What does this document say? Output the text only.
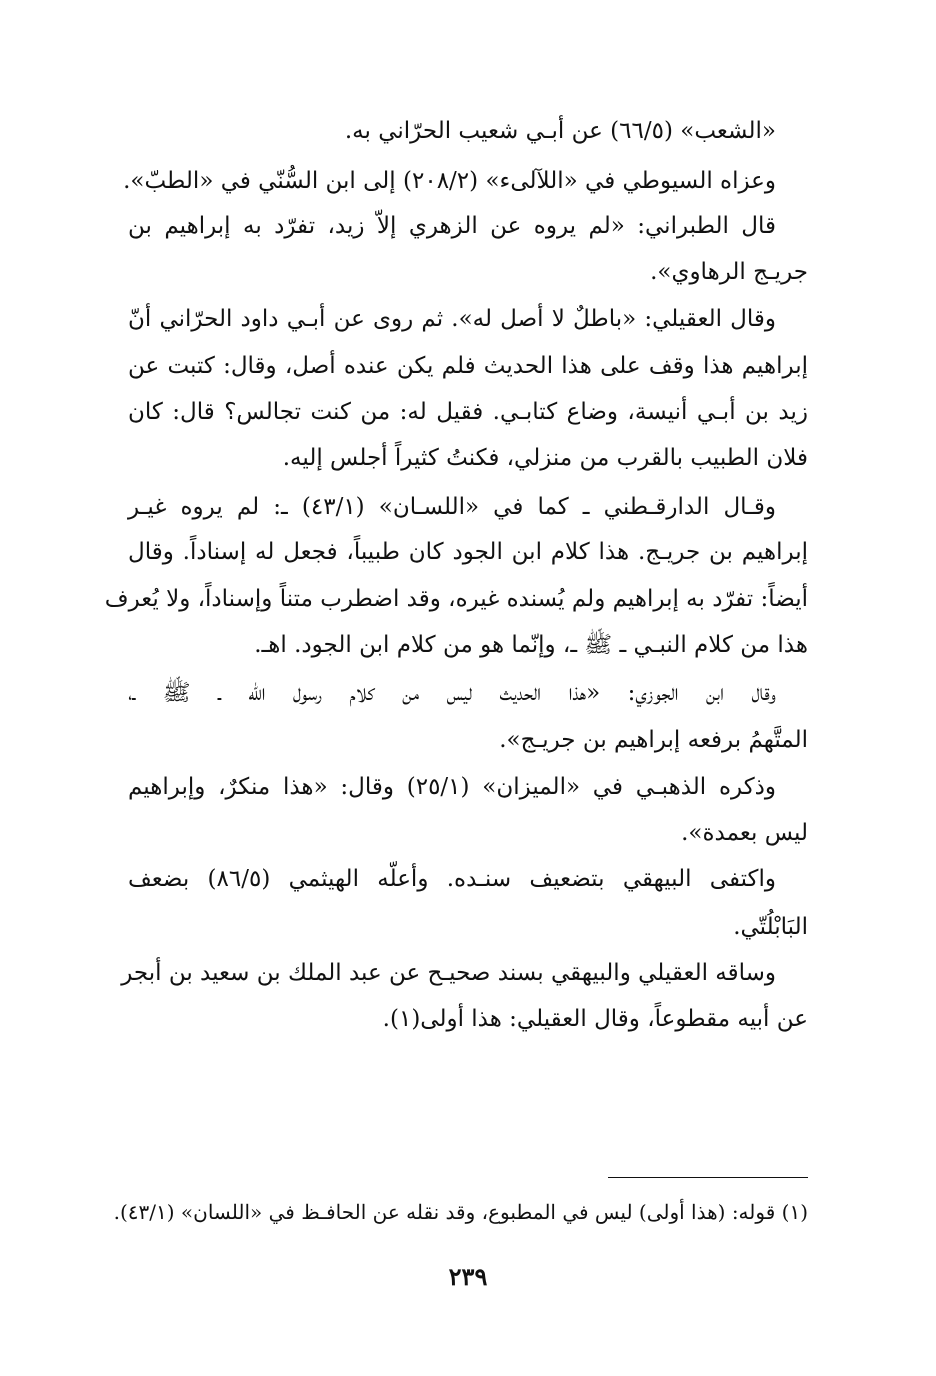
«الشعب» (٦٦/٥) عن أبـي شعيب الحرّاني به.
وعزاه السيوطي في «اللآلىء» (٢٠٨/٢) إلى ابن السُّنّي في «الطبّ».
قال الطبراني: «لم يروه عن الزهري إلاّ زيد، تفرّد به إبراهيم بن
جريـج الرهاوي».
وقال العقيلي: «باطلٌ لا أصل له». ثم روى عن أبـي داود الحرّاني أنّ
إبراهيم هذا وقف على هذا الحديث فلم يكن عنده أصل، وقال: كتبت عن
زيد بن أبـي أنيسة، وضاع كتابـي. فقيل له: من كنت تجالس؟ قال: كان
فلان الطبيب بالقرب من منزلي، فكنتُ كثيراً أجلس إليه.
وقـال الدارقـطني ـ كما في «اللسـان» (٤٣/١) ـ: لم يروه غيـر
إبراهيم بن جريـج. هذا كلام ابن الجود كان طبيباً، فجعل له إسناداً. وقال
أيضاً: تفرّد به إبراهيم ولم يُسنده غيره، وقد اضطرب متناً وإسناداً، ولا يُعرف
هذا من كلام النبـي ـ ﷺ ـ، وإنّما هو من كلام ابن الجود. اهـ.
وقال ابن الجوزي: «هذا الحديث ليس من كلام رسول الله ـ ﷺ ـ،
المتَّهمُ برفعه إبراهيم بن جريـج».
وذكره الذهبـي في «الميزان» (٢٥/١) وقال: «هذا منكرٌ، وإبراهيم
ليس بعمدة».
واكتفى البيهقي بتضعيف سنـده. وأعلّه الهيثمي (٨٦/٥) بضعف
البَابْلُتّي.
وساقه العقيلي والبيهقي بسند صحيـح عن عبد الملك بن سعيد بن أبجر
عن أبيه مقطوعاً، وقال العقيلي: هذا أولى(١).
(١) قوله: (هذا أولى) ليس في المطبوع، وقد نقله عن الحافـظ في «اللسان» (٤٣/١).
٢٣٩
